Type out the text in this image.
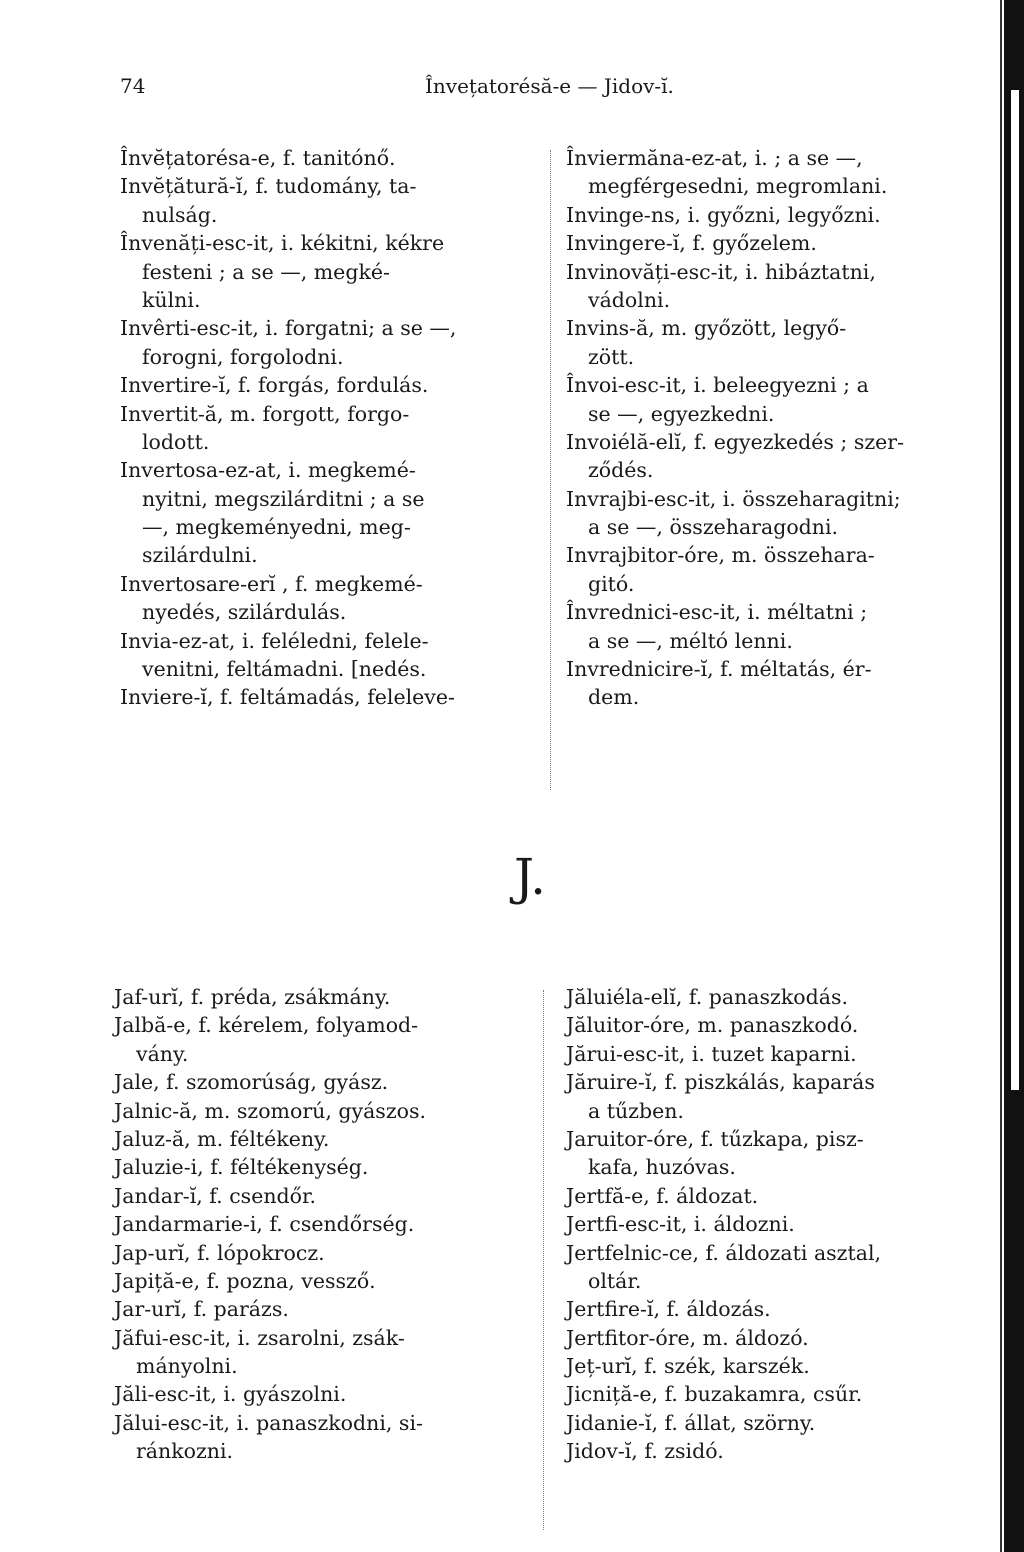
74	Învețatorésă-e — Jidov-ĭ.
Învĕțatorésa-e, f. tanitónő.
Invĕțătură-ĭ, f. tudomány, ta-
nulság.
Învenăți-esc-it, i. kékitni, kékre
festeni ; a se —, megké-
külni.
Invêrti-esc-it, i. forgatni; a se —,
forogni, forgolodni.
Invertire-ĭ, f. forgás, fordulás.
Invertit-ă, m. forgott, forgo-
lodott.
Invertosa-ez-at, i. megkemé-
nyitni, megszilárditni ; a se
—, megkeményedni, meg-
szilárdulni.
Invertosare-erĭ , f. megkemé-
nyedés, szilárdulás.
Invia-ez-at, i. feléledni, felele-
venitni, feltámadni. [nedés.
Inviere-ĭ, f. feltámadás, feleleve-
Înviermăna-ez-at, i. ; a se —,
megférgesedni, megromlani.
Invinge-ns, i. győzni, legyőzni.
Invingere-ĭ, f. győzelem.
Invinovăți-esc-it, i. hibáztatni,
vádolni.
Invins-ă, m. győzött, legyő-
zött.
Învoi-esc-it, i. beleegyezni ; a
se —, egyezkedni.
Invoiélă-elĭ, f. egyezkedés ; szer-
ződés.
Invrajbi-esc-it, i. összeharagitni;
a se —, összeharagodni.
Invrajbitor-óre, m. összehara-
gitó.
Învrednici-esc-it, i. méltatni ;
a se —, méltó lenni.
Invrednicire-ĭ, f. méltatás, ér-
dem.
J.
Jaf-urĭ, f. préda, zsákmány.
Jalbă-e, f. kérelem, folyamod-
vány.
Jale, f. szomorúság, gyász.
Jalnic-ă, m. szomorú, gyászos.
Jaluz-ă, m. féltékeny.
Jaluzie-i, f. féltékenység.
Jandar-ĭ, f. csendőr.
Jandarmarie-i, f. csendőrség.
Jap-urĭ, f. lópokrocz.
Japiță-e, f. pozna, vessző.
Jar-urĭ, f. parázs.
Jăfui-esc-it, i. zsarolni, zsák-
mányolni.
Jăli-esc-it, i. gyászolni.
Jălui-esc-it, i. panaszkodni, si-
ránkozni.
Jăluiéla-elĭ, f. panaszkodás.
Jăluitor-óre, m. panaszkodó.
Jărui-esc-it, i. tuzet kaparni.
Jăruire-ĭ, f. piszkálás, kaparás
a tűzben.
Jaruitor-óre, f. tűzkapa, pisz-
kafa, huzóvas.
Jertfă-e, f. áldozat.
Jertfi-esc-it, i. áldozni.
Jertfelnic-ce, f. áldozati asztal,
oltár.
Jertfire-ĭ, f. áldozás.
Jertfitor-óre, m. áldozó.
Jeț-urĭ, f. szék, karszék.
Jicniță-e, f. buzakamra, csűr.
Jidanie-ĭ, f. állat, szörny.
Jidov-ĭ, f. zsidó.
